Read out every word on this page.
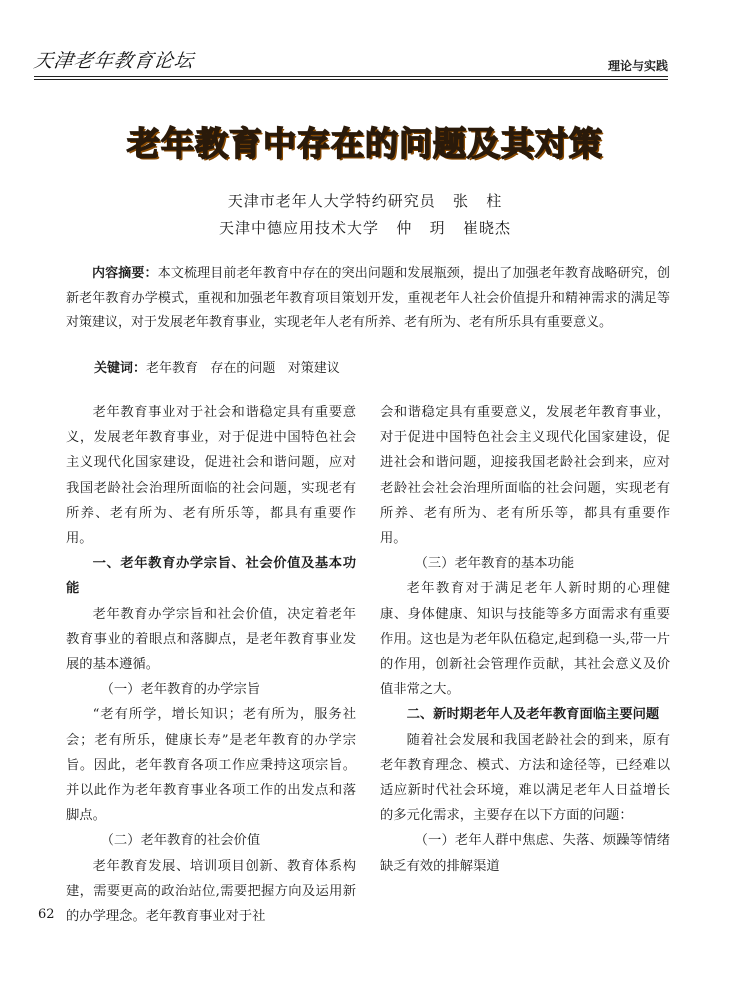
天津老年教育论坛	理论与实践
老年教育中存在的问题及其对策
天津市老年人大学特约研究员   张   柱
天津中德应用技术大学   仲   玥   崔晓杰

内容摘要：本文梳理目前老年教育中存在的突出问题和发展瓶颈，提出了加强老年教育战略研究，创新老年教育办学模式，重视和加强老年教育项目策划开发，重视老年人社会价值提升和精神需求的满足等对策建议，对于发展老年教育事业，实现老年人老有所养、老有所为、老有所乐具有重要意义。

关键词：老年教育   存在的问题   对策建议

老年教育事业对于社会和谐稳定具有重要意义，发展老年教育事业，对于促进中国特色社会主义现代化国家建设，促进社会和谐问题，应对我国老龄社会治理所面临的社会问题，实现老有所养、老有所为、老有所乐等，都具有重要作用。

一、老年教育办学宗旨、社会价值及基本功能

老年教育办学宗旨和社会价值，决定着老年教育事业的着眼点和落脚点，是老年教育事业发展的基本遵循。

（一）老年教育的办学宗旨

“老有所学，增长知识；老有所为，服务社会；老有所乐，健康长寿”是老年教育的办学宗旨。因此，老年教育各项工作应秉持这项宗旨。并以此作为老年教育事业各项工作的出发点和落脚点。

（二）老年教育的社会价值

老年教育发展、培训项目创新、教育体系构建，需要更高的政治站位,需要把握方向及运用新的办学理念。老年教育事业对于社

会和谐稳定具有重要意义，发展老年教育事业，对于促进中国特色社会主义现代化国家建设，促进社会和谐问题，迎接我国老龄社会到来，应对老龄社会社会治理所面临的社会问题，实现老有所养、老有所为、老有所乐等，都具有重要作用。

（三）老年教育的基本功能

老年教育对于满足老年人新时期的心理健康、身体健康、知识与技能等多方面需求有重要作用。这也是为老年队伍稳定,起到稳一头,带一片的作用，创新社会管理作贡献，其社会意义及价值非常之大。

二、新时期老年人及老年教育面临主要问题

随着社会发展和我国老龄社会的到来，原有老年教育理念、模式、方法和途径等，已经难以适应新时代社会环境，难以满足老年人日益增长的多元化需求，主要存在以下方面的问题：

（一）老年人群中焦虑、失落、烦躁等情绪缺乏有效的排解渠道

62
